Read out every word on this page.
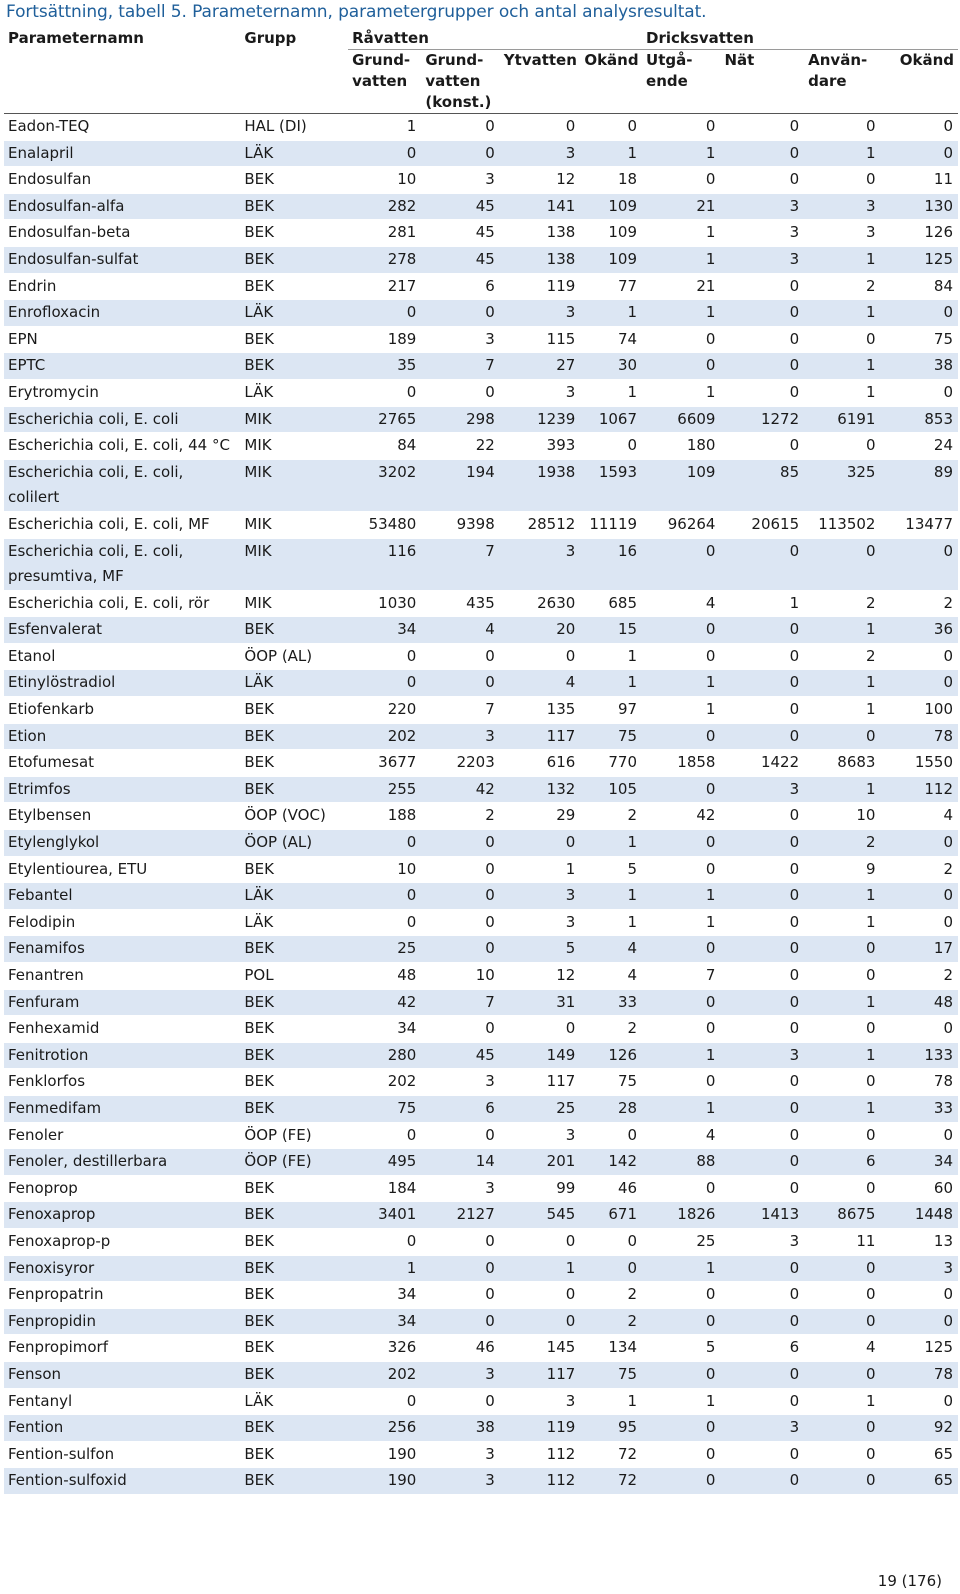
Fortsättning, tabell 5. Parameternamn, parametergrupper och antal analysresultat.
Parameternamn	Grupp	Råvatten				Dricksvatten			
		Grund-vatten	Grund-vatten (konst.)	Ytvatten	Okänd	Utgå-ende	Nät	Använ-dare	Okänd
Eadon-TEQ	HAL (DI)	1	0	0	0	0	0	0	0
Enalapril	LÄK	0	0	3	1	1	0	1	0
Endosulfan	BEK	10	3	12	18	0	0	0	11
Endosulfan-alfa	BEK	282	45	141	109	21	3	3	130
Endosulfan-beta	BEK	281	45	138	109	1	3	3	126
Endosulfan-sulfat	BEK	278	45	138	109	1	3	1	125
Endrin	BEK	217	6	119	77	21	0	2	84
Enrofloxacin	LÄK	0	0	3	1	1	0	1	0
EPN	BEK	189	3	115	74	0	0	0	75
EPTC	BEK	35	7	27	30	0	0	1	38
Erytromycin	LÄK	0	0	3	1	1	0	1	0
Escherichia coli, E. coli	MIK	2765	298	1239	1067	6609	1272	6191	853
Escherichia coli, E. coli, 44 °C	MIK	84	22	393	0	180	0	0	24
Escherichia coli, E. coli, colilert	MIK	3202	194	1938	1593	109	85	325	89
Escherichia coli, E. coli, MF	MIK	53480	9398	28512	11119	96264	20615	113502	13477
Escherichia coli, E. coli, presumtiva, MF	MIK	116	7	3	16	0	0	0	0
Escherichia coli, E. coli, rör	MIK	1030	435	2630	685	4	1	2	2
Esfenvalerat	BEK	34	4	20	15	0	0	1	36
Etanol	ÖOP (AL)	0	0	0	1	0	0	2	0
Etinylöstradiol	LÄK	0	0	4	1	1	0	1	0
Etiofenkarb	BEK	220	7	135	97	1	0	1	100
Etion	BEK	202	3	117	75	0	0	0	78
Etofumesat	BEK	3677	2203	616	770	1858	1422	8683	1550
Etrimfos	BEK	255	42	132	105	0	3	1	112
Etylbensen	ÖOP (VOC)	188	2	29	2	42	0	10	4
Etylenglykol	ÖOP (AL)	0	0	0	1	0	0	2	0
Etylentiourea, ETU	BEK	10	0	1	5	0	0	9	2
Febantel	LÄK	0	0	3	1	1	0	1	0
Felodipin	LÄK	0	0	3	1	1	0	1	0
Fenamifos	BEK	25	0	5	4	0	0	0	17
Fenantren	POL	48	10	12	4	7	0	0	2
Fenfuram	BEK	42	7	31	33	0	0	1	48
Fenhexamid	BEK	34	0	0	2	0	0	0	0
Fenitrotion	BEK	280	45	149	126	1	3	1	133
Fenklorfos	BEK	202	3	117	75	0	0	0	78
Fenmedifam	BEK	75	6	25	28	1	0	1	33
Fenoler	ÖOP (FE)	0	0	3	0	4	0	0	0
Fenoler, destillerbara	ÖOP (FE)	495	14	201	142	88	0	6	34
Fenoprop	BEK	184	3	99	46	0	0	0	60
Fenoxaprop	BEK	3401	2127	545	671	1826	1413	8675	1448
Fenoxaprop-p	BEK	0	0	0	0	25	3	11	13
Fenoxisyror	BEK	1	0	1	0	1	0	0	3
Fenpropatrin	BEK	34	0	0	2	0	0	0	0
Fenpropidin	BEK	34	0	0	2	0	0	0	0
Fenpropimorf	BEK	326	46	145	134	5	6	4	125
Fenson	BEK	202	3	117	75	0	0	0	78
Fentanyl	LÄK	0	0	3	1	1	0	1	0
Fention	BEK	256	38	119	95	0	3	0	92
Fention-sulfon	BEK	190	3	112	72	0	0	0	65
Fention-sulfoxid	BEK	190	3	112	72	0	0	0	65
19 (176)
